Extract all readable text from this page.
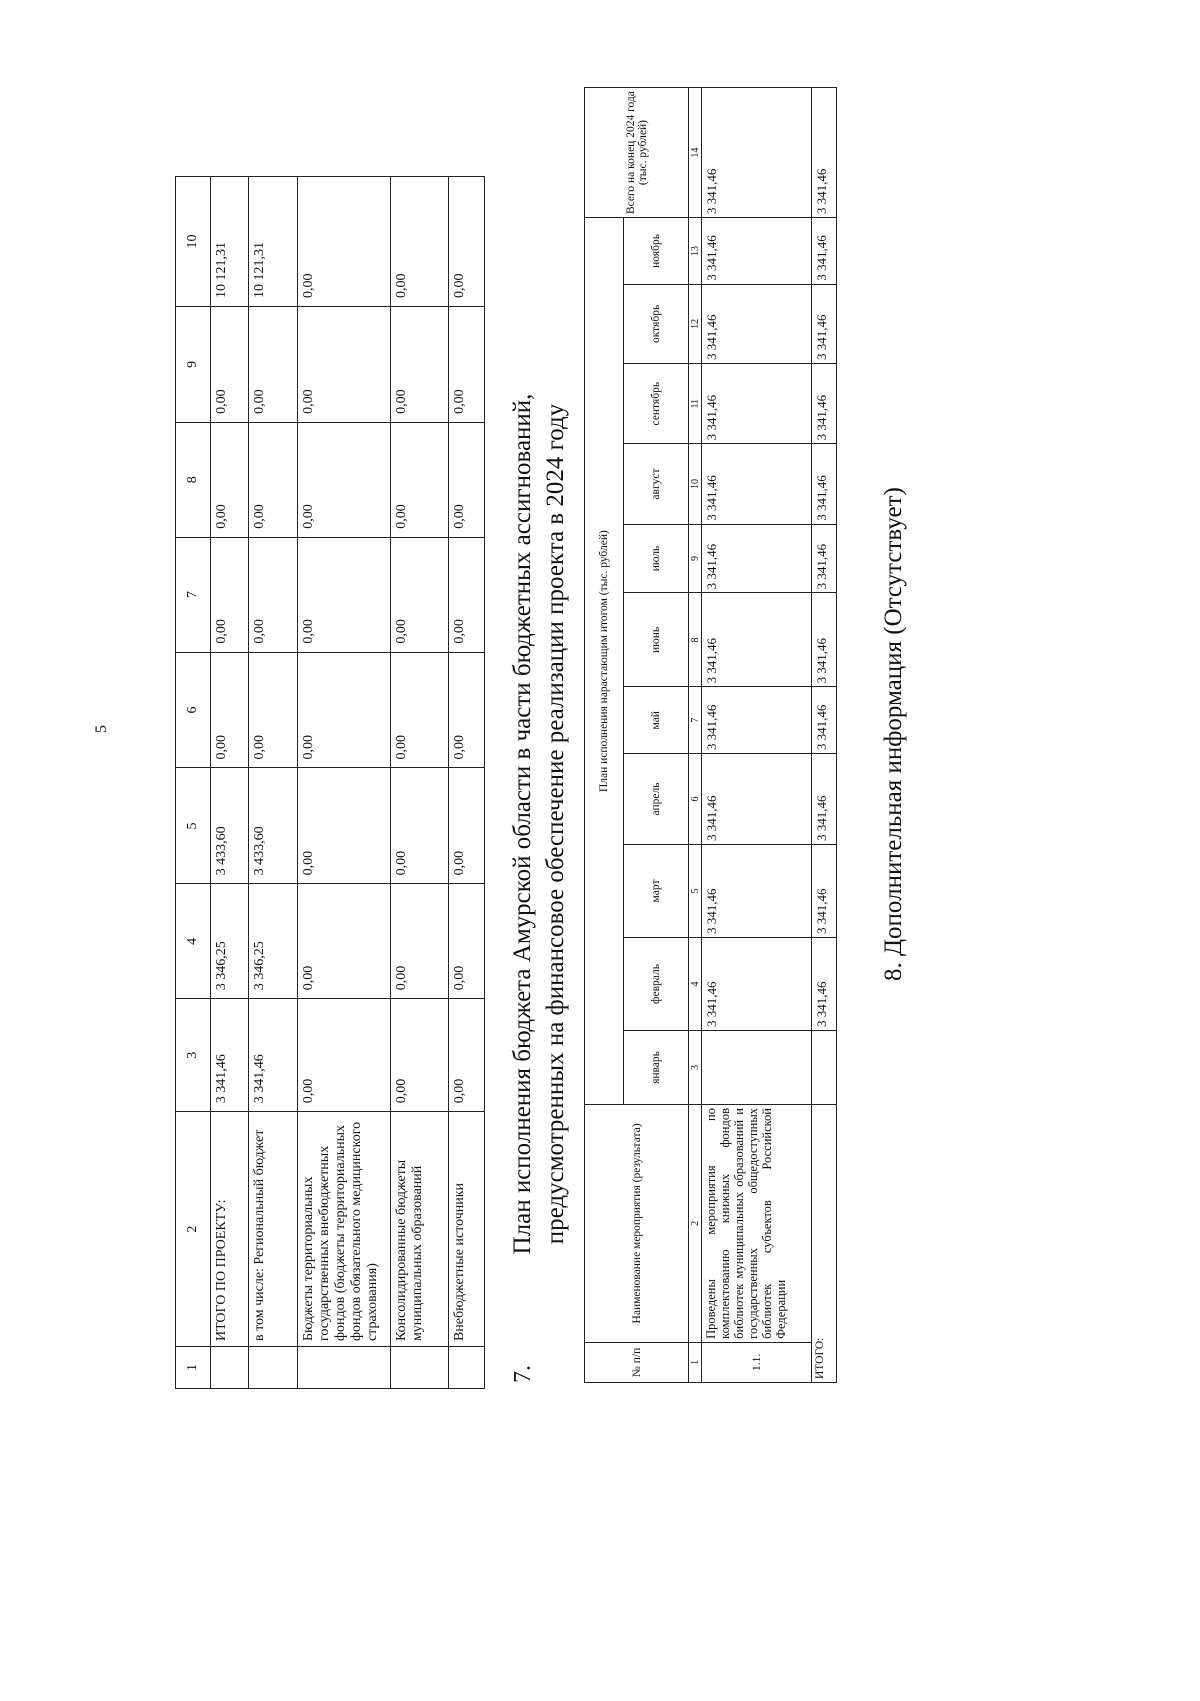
5
1	2	3	4	5	6	7	8	9	10
	ИТОГО ПО ПРОЕКТУ:	3 341,46	3 346,25	3 433,60	0,00	0,00	0,00	0,00	10 121,31
	в том числе: Региональный бюджет	3 341,46	3 346,25	3 433,60	0,00	0,00	0,00	0,00	10 121,31
	Бюджеты территориальных государственных внебюджетных фондов (бюджеты территориальных фондов обязательного медицинского страхования)	0,00	0,00	0,00	0,00	0,00	0,00	0,00	0,00
	Консолидированные бюджеты муниципальных образований	0,00	0,00	0,00	0,00	0,00	0,00	0,00	0,00
	Внебюджетные источники	0,00	0,00	0,00	0,00	0,00	0,00	0,00	0,00
7.
План исполнения бюджета Амурской области в части бюджетных ассигнований, предусмотренных на финансовое обеспечение реализации проекта в 2024 году
№ п/п	Наименование мероприятия (результата)	План исполнения нарастающим итогом (тыс. рублей)											Всего на конец 2024 года (тыс. рублей)
		январь	февраль	март	апрель	май	июнь	июль	август	сентябрь	октябрь	ноябрь	
1	2	3	4	5	6	7	8	9	10	11	12	13	14
1.1.	Проведены мероприятия по комплектованию книжных фондов библиотек муниципальных образований и государственных общедоступных библиотек субъектов Российской Федерации		3 341,46	3 341,46	3 341,46	3 341,46	3 341,46	3 341,46	3 341,46	3 341,46	3 341,46	3 341,46	3 341,46
ИТОГО:			3 341,46	3 341,46	3 341,46	3 341,46	3 341,46	3 341,46	3 341,46	3 341,46	3 341,46	3 341,46	3 341,46
8. Дополнительная информация (Отсутствует)
